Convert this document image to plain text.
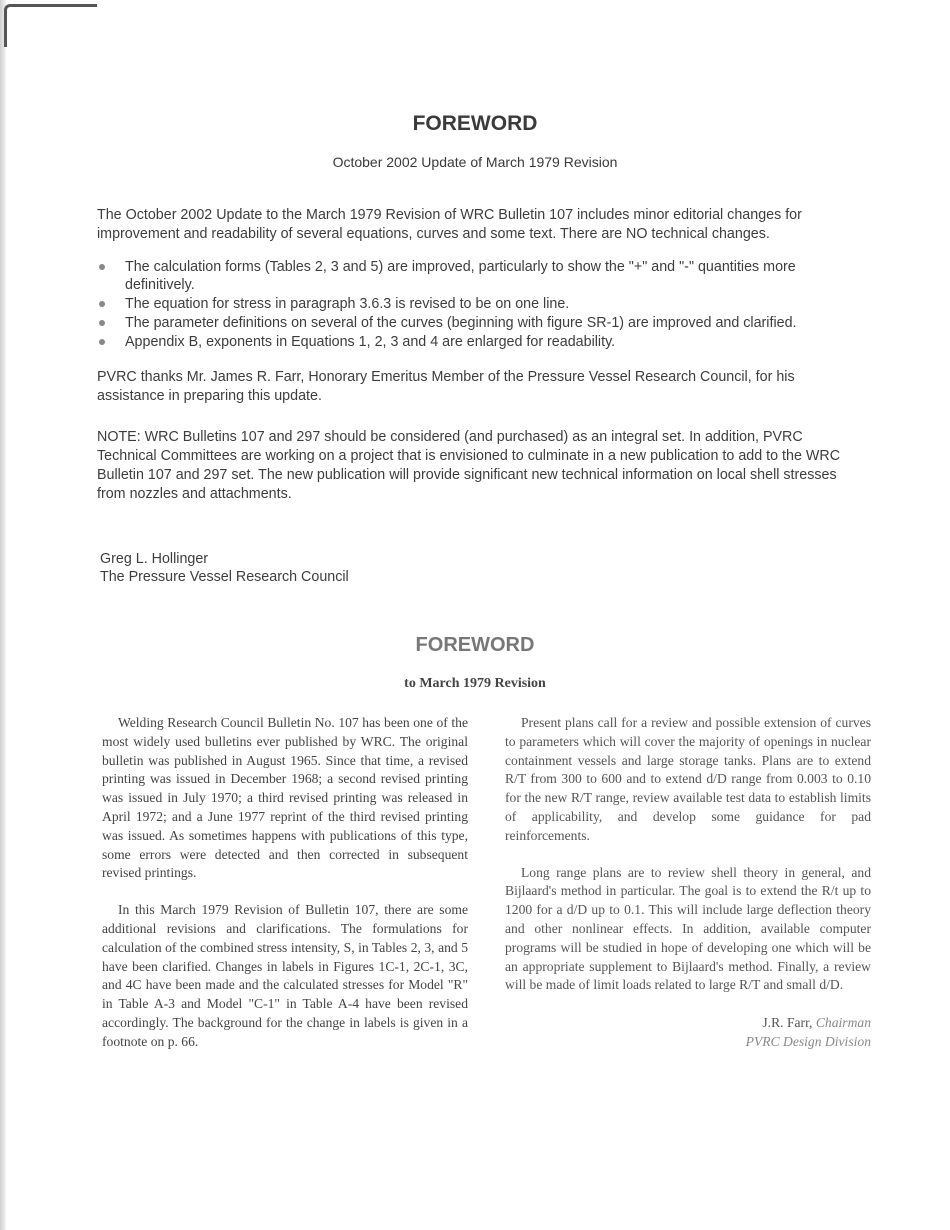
FOREWORD
October 2002 Update of March 1979 Revision
The October 2002 Update to the March 1979 Revision of WRC Bulletin 107 includes minor editorial changes for improvement and readability of several equations, curves and some text. There are NO technical changes.
The calculation forms (Tables 2, 3 and 5) are improved, particularly to show the "+" and "-" quantities more definitively.
The equation for stress in paragraph 3.6.3 is revised to be on one line.
The parameter definitions on several of the curves (beginning with figure SR-1) are improved and clarified.
Appendix B, exponents in Equations 1, 2, 3 and 4 are enlarged for readability.
PVRC thanks Mr. James R. Farr, Honorary Emeritus Member of the Pressure Vessel Research Council, for his assistance in preparing this update.
NOTE: WRC Bulletins 107 and 297 should be considered (and purchased) as an integral set. In addition, PVRC Technical Committees are working on a project that is envisioned to culminate in a new publication to add to the WRC Bulletin 107 and 297 set. The new publication will provide significant new technical information on local shell stresses from nozzles and attachments.
Greg L. Hollinger
The Pressure Vessel Research Council
FOREWORD
to March 1979 Revision

Welding Research Council Bulletin No. 107 has been one of the most widely used bulletins ever published by WRC. The original bulletin was published in August 1965. Since that time, a revised printing was issued in December 1968; a second revised printing was issued in July 1970; a third revised printing was released in April 1972; and a June 1977 reprint of the third revised printing was issued. As sometimes happens with publications of this type, some errors were detected and then corrected in subsequent revised printings.

In this March 1979 Revision of Bulletin 107, there are some additional revisions and clarifications. The formulations for calculation of the combined stress intensity, S, in Tables 2, 3, and 5 have been clarified. Changes in labels in Figures 1C-1, 2C-1, 3C, and 4C have been made and the calculated stresses for Model "R" in Table A-3 and Model "C-1" in Table A-4 have been revised accordingly. The background for the change in labels is given in a footnote on p. 66.

Present plans call for a review and possible extension of curves to parameters which will cover the majority of openings in nuclear containment vessels and large storage tanks. Plans are to extend R/T from 300 to 600 and to extend d/D range from 0.003 to 0.10 for the new R/T range, review available test data to establish limits of applicability, and develop some guidance for pad reinforcements.

Long range plans are to review shell theory in general, and Bijlaard's method in particular. The goal is to extend the R/t up to 1200 for a d/D up to 0.1. This will include large deflection theory and other nonlinear effects. In addition, available computer programs will be studied in hope of developing one which will be an appropriate supplement to Bijlaard's method. Finally, a review will be made of limit loads related to large R/T and small d/D.

J.R. Farr, Chairman
PVRC Design Division
